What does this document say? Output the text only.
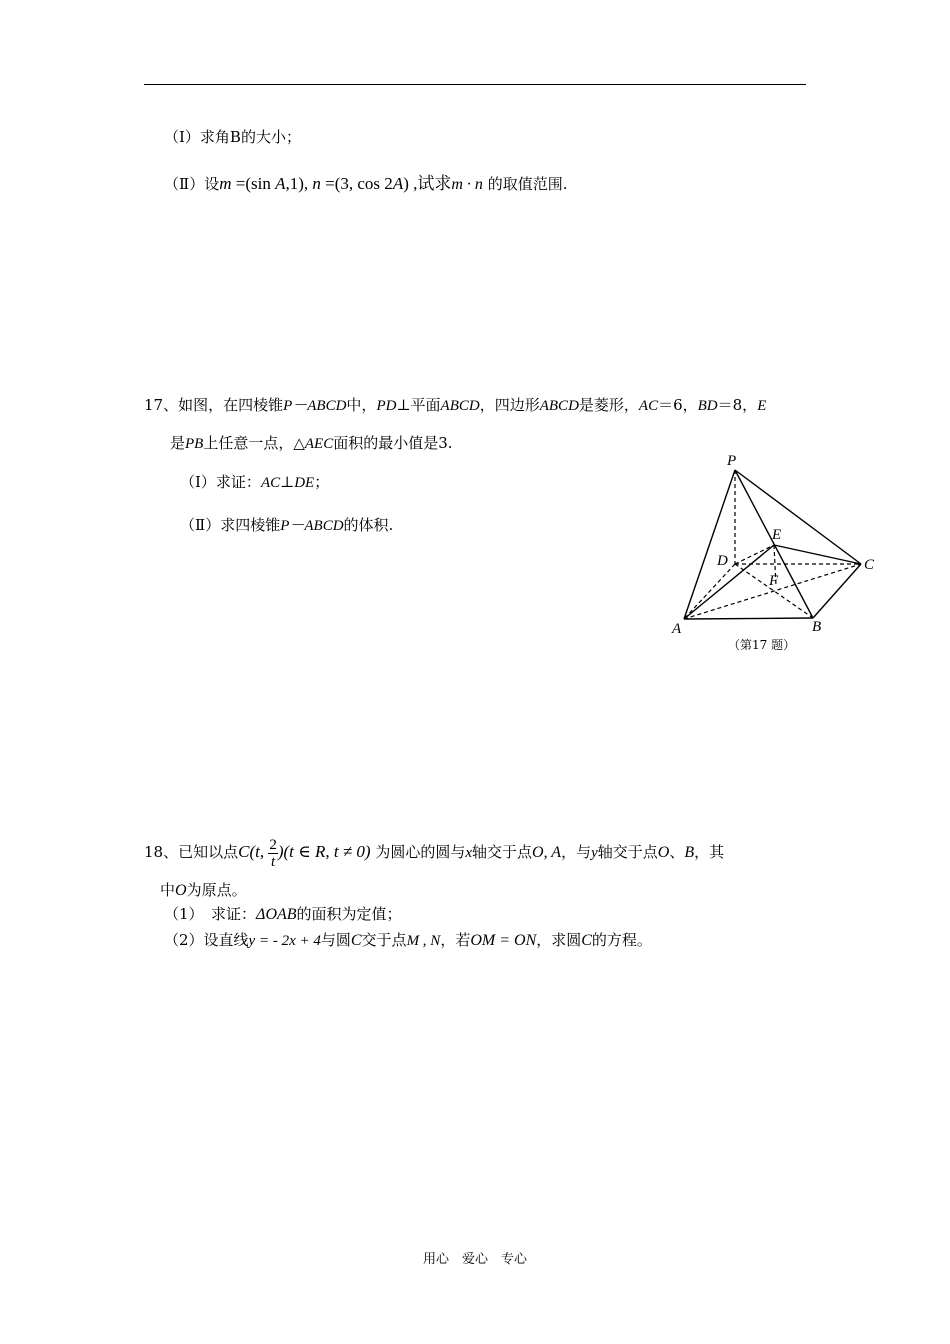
（Ⅰ）求角B的大小；
（Ⅱ）设m =(sin A,1), n =(3, cos 2A) ,试求m · n 的取值范围.
17、如图，在四棱锥P－ABCD中，PD⊥平面ABCD，四边形ABCD是菱形，AC＝6，BD＝8，E
是PB上任意一点，△AEC面积的最小值是3.
（Ⅰ）求证：AC⊥DE；
（Ⅱ）求四棱锥P－ABCD的体积.
P
E
D	C
F
A	B
（第17 题）
18、已知以点C(t, $\frac{2}{t} )(t$ ∈ R, t ≠ 0) 为圆心的圆与x轴交于点O, A，与y轴交于点O、B，其
中O为原点。
（1）　求证：ΔOAB的面积为定值；
（2）设直线y = - 2x + 4与圆C交于点M , N，若OM = ON，求圆C的方程。
用心　爱心　专心
